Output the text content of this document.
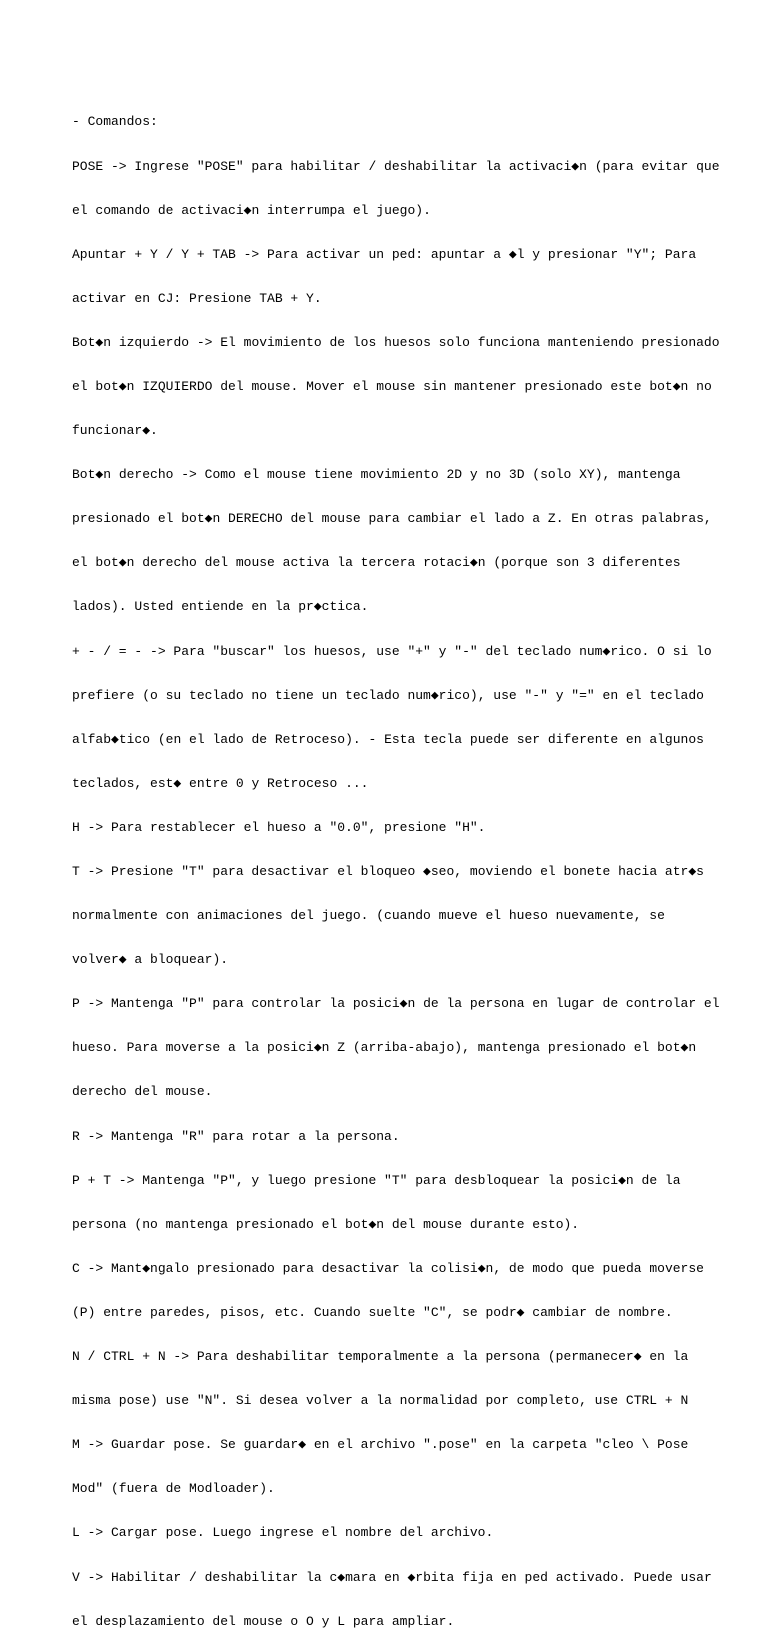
- Comandos:

POSE -> Ingrese "POSE" para habilitar / deshabilitar la activaci◆n (para evitar que

el comando de activaci◆n interrumpa el juego).

Apuntar + Y / Y + TAB -> Para activar un ped: apuntar a ◆l y presionar "Y"; Para

activar en CJ: Presione TAB + Y.

Bot◆n izquierdo -> El movimiento de los huesos solo funciona manteniendo presionado

el bot◆n IZQUIERDO del mouse. Mover el mouse sin mantener presionado este bot◆n no

funcionar◆.

Bot◆n derecho -> Como el mouse tiene movimiento 2D y no 3D (solo XY), mantenga

presionado el bot◆n DERECHO del mouse para cambiar el lado a Z. En otras palabras,

el bot◆n derecho del mouse activa la tercera rotaci◆n (porque son 3 diferentes

lados). Usted entiende en la pr◆ctica.

+ - / = - -> Para "buscar" los huesos, use "+" y "-" del teclado num◆rico. O si lo

prefiere (o su teclado no tiene un teclado num◆rico), use "-" y "=" en el teclado

alfab◆tico (en el lado de Retroceso). - Esta tecla puede ser diferente en algunos

teclados, est◆ entre 0 y Retroceso ...

H -> Para restablecer el hueso a "0.0", presione "H".

T -> Presione "T" para desactivar el bloqueo ◆seo, moviendo el bonete hacia atr◆s

normalmente con animaciones del juego. (cuando mueve el hueso nuevamente, se

volver◆ a bloquear).

P -> Mantenga "P" para controlar la posici◆n de la persona en lugar de controlar el

hueso. Para moverse a la posici◆n Z (arriba-abajo), mantenga presionado el bot◆n

derecho del mouse.

R -> Mantenga "R" para rotar a la persona.

P + T -> Mantenga "P", y luego presione "T" para desbloquear la posici◆n de la

persona (no mantenga presionado el bot◆n del mouse durante esto).

C -> Mant◆ngalo presionado para desactivar la colisi◆n, de modo que pueda moverse

(P) entre paredes, pisos, etc. Cuando suelte "C", se podr◆ cambiar de nombre.

N / CTRL + N -> Para deshabilitar temporalmente a la persona (permanecer◆ en la

misma pose) use "N". Si desea volver a la normalidad por completo, use CTRL + N

M -> Guardar pose. Se guardar◆ en el archivo ".pose" en la carpeta "cleo \ Pose

Mod" (fuera de Modloader).

L -> Cargar pose. Luego ingrese el nombre del archivo.

V -> Habilitar / deshabilitar la c◆mara en ◆rbita fija en ped activado. Puede usar

el desplazamiento del mouse o O y L para ampliar.
